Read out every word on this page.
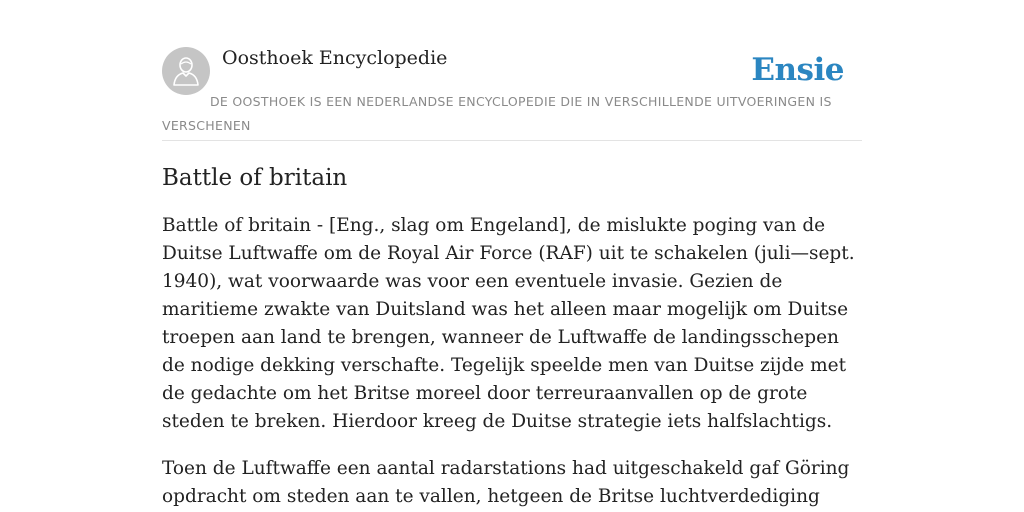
Oosthoek Encyclopedie	Ensie
DE OOSTHOEK IS EEN NEDERLANDSE ENCYCLOPEDIE DIE IN VERSCHILLENDE UITVOERINGEN IS VERSCHENEN
Battle of britain

Battle of britain - [Eng., slag om Engeland], de mislukte poging van de Duitse Luftwaffe om de Royal Air Force (RAF) uit te schakelen (juli—sept. 1940), wat voorwaarde was voor een eventuele invasie. Gezien de maritieme zwakte van Duitsland was het alleen maar mogelijk om Duitse troepen aan land te brengen, wanneer de Luftwaffe de landingsschepen de nodige dekking verschafte. Tegelijk speelde men van Duitse zijde met de gedachte om het Britse moreel door terreuraanvallen op de grote steden te breken. Hierdoor kreeg de Duitse strategie iets halfslachtigs.

Toen de Luftwaffe een aantal radarstations had uitgeschakeld gaf Göring opdracht om steden aan te vallen, hetgeen de Britse luchtverdediging
